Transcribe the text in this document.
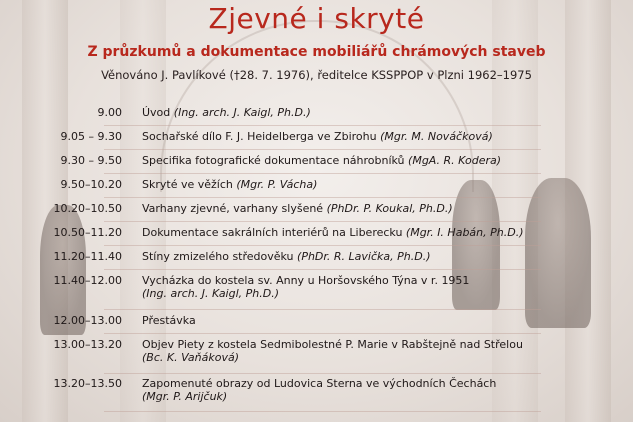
Zjevné i skryté
Z průzkumů a dokumentace mobiliářů chrámových staveb
Věnováno J. Pavlíkové (†28. 7. 1976), ředitelce KSSPPOP v Plzni 1962–1975
9.00 Úvod (Ing. arch. J. Kaigl, Ph.D.)
9.05 – 9.30 Sochařské dílo F. J. Heidelberga ve Zbirohu (Mgr. M. Nováčková)
9.30 – 9.50 Specifika fotografické dokumentace náhrobníků (MgA. R. Kodera)
9.50–10.20 Skryté ve věžích (Mgr. P. Vácha)
10.20–10.50 Varhany zjevné, varhany slyšené (PhDr. P. Koukal, Ph.D.)
10.50–11.20 Dokumentace sakrálních interiérů na Liberecku (Mgr. I. Habán, Ph.D.)
11.20–11.40 Stíny zmizelého středověku (PhDr. R. Lavička, Ph.D.)
11.40–12.00 Vycházka do kostela sv. Anny u Horšovského Týna v r. 1951
(Ing. arch. J. Kaigl, Ph.D.)
12.00–13.00 Přestávka
13.00–13.20 Objev Piety z kostela Sedmibolestné P. Marie v Rabštejně nad Střelou
(Bc. K. Vaňáková)
13.20–13.50 Zapomenuté obrazy od Ludovica Sterna ve východních Čechách
(Mgr. P. Arijčuk)
